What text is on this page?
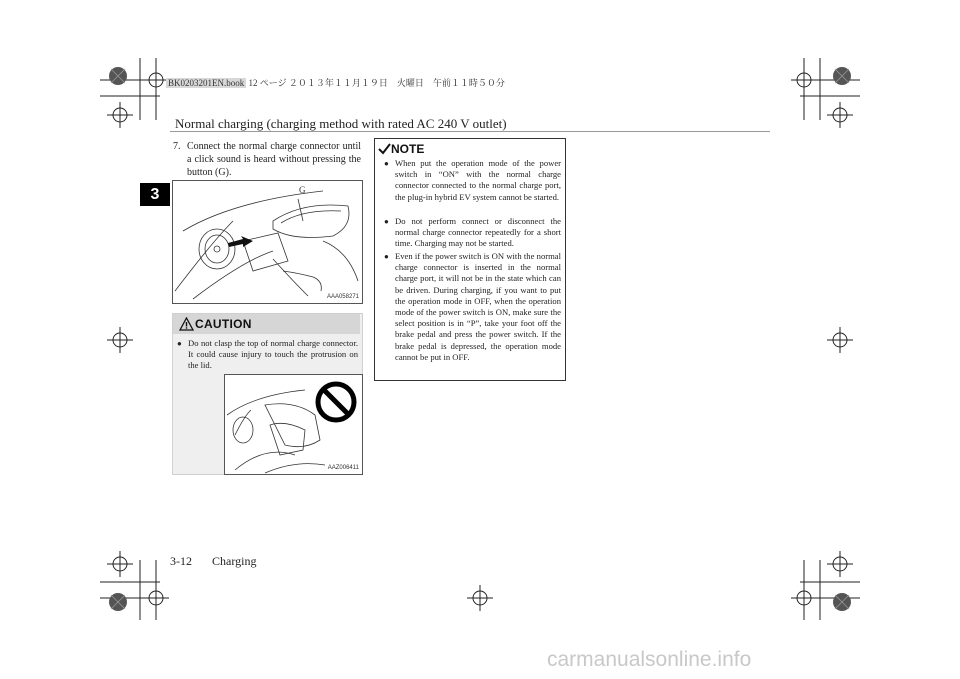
BK0203201EN.book 12 ページ ２０１３年１１月１９日　火曜日　午前１１時５０分
Normal charging (charging method with rated AC 240 V outlet)
3
7. Connect the normal charge connector until a click sound is heard without pressing the button (G).
G
AAA058271
CAUTION
● Do not clasp the top of normal charge connector. It could cause injury to touch the protrusion on the lid.
AAZ006411
NOTE
● When put the operation mode of the power switch in “ON” with the normal charge connector connected to the normal charge port, the plug-in hybrid EV system cannot be started.
● Do not perform connect or disconnect the normal charge connector repeatedly for a short time. Charging may not be started.
● Even if the power switch is ON with the normal charge connector is inserted in the normal charge port, it will not be in the state which can be driven. During charging, if you want to put the operation mode in OFF, when the operation mode of the power switch is ON, make sure the select position is in “P”, take your foot off the brake pedal and press the power switch. If the brake pedal is depressed, the operation mode cannot be put in OFF.
3-12 Charging
carmanualsonline.info
